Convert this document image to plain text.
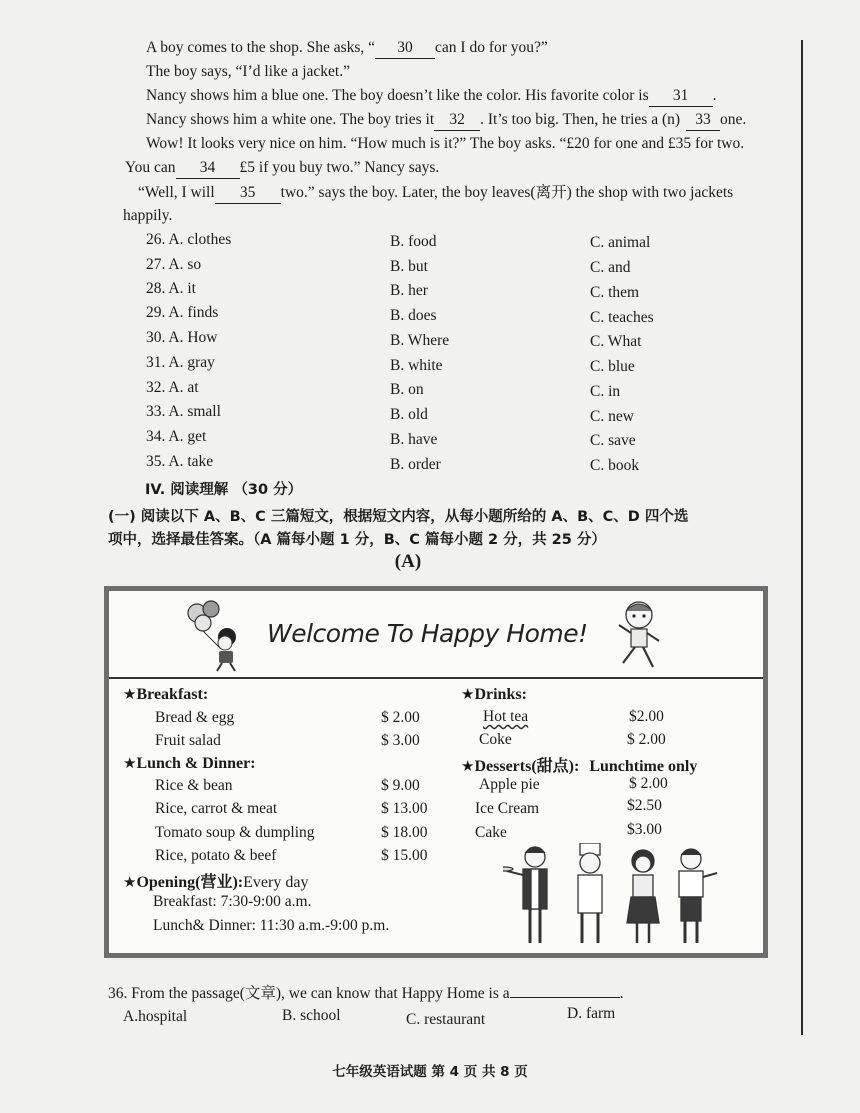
A boy comes to the shop. She asks, “ 30 can I do for you?”
The boy says, “I’d like a jacket.”
Nancy shows him a blue one. The boy doesn’t like the color. His favorite color is 31 .
Nancy shows him a white one. The boy tries it 32 . It’s too big. Then, he tries a (n) 33 one.
Wow! It looks very nice on him. “How much is it?” The boy asks. “£20 for one and £35 for two.
You can 34 £5 if you buy two.” Nancy says.
“Well, I will 35 two.” says the boy. Later, the boy leaves(离开) the shop with two jackets
happily.
26. A. clothes	B. food	C. animal
27. A. so	B. but	C. and
28. A. it	B. her	C. them
29. A. finds	B. does	C. teaches
30. A. How	B. Where	C. What
31. A. gray	B. white	C. blue
32. A. at	B. on	C. in
33. A. small	B. old	C. new
34. A. get	B. have	C. save
35. A. take	B. order	C. book
IV. 阅读理解 （30 分）
(一) 阅读以下 A、B、C 三篇短文，根据短文内容，从每小题所给的 A、B、C、D 四个选
项中，选择最佳答案。（A 篇每小题 1 分，B、C 篇每小题 2 分，共 25 分）
(A)
Welcome To Happy Home!
★Breakfast:
Bread & egg	$ 2.00
Fruit salad	$ 3.00
★Lunch & Dinner:
Rice & bean	$ 9.00
Rice, carrot & meat	$ 13.00
Tomato soup & dumpling	$ 18.00
Rice, potato & beef	$ 15.00
★Opening(营业):Every day
Breakfast: 7:30-9:00 a.m.
Lunch& Dinner: 11:30 a.m.-9:00 p.m.
★Drinks:
Hot tea	$2.00
Coke	$ 2.00
★Desserts(甜点): Lunchtime only
Apple pie	$ 2.00
Ice Cream	$2.50
Cake	$3.00
36. From the passage(文章), we can know that Happy Home is a	.
A.hospital	B. school	C. restaurant	D. farm
七年级英语试题 第 4 页 共 8 页
